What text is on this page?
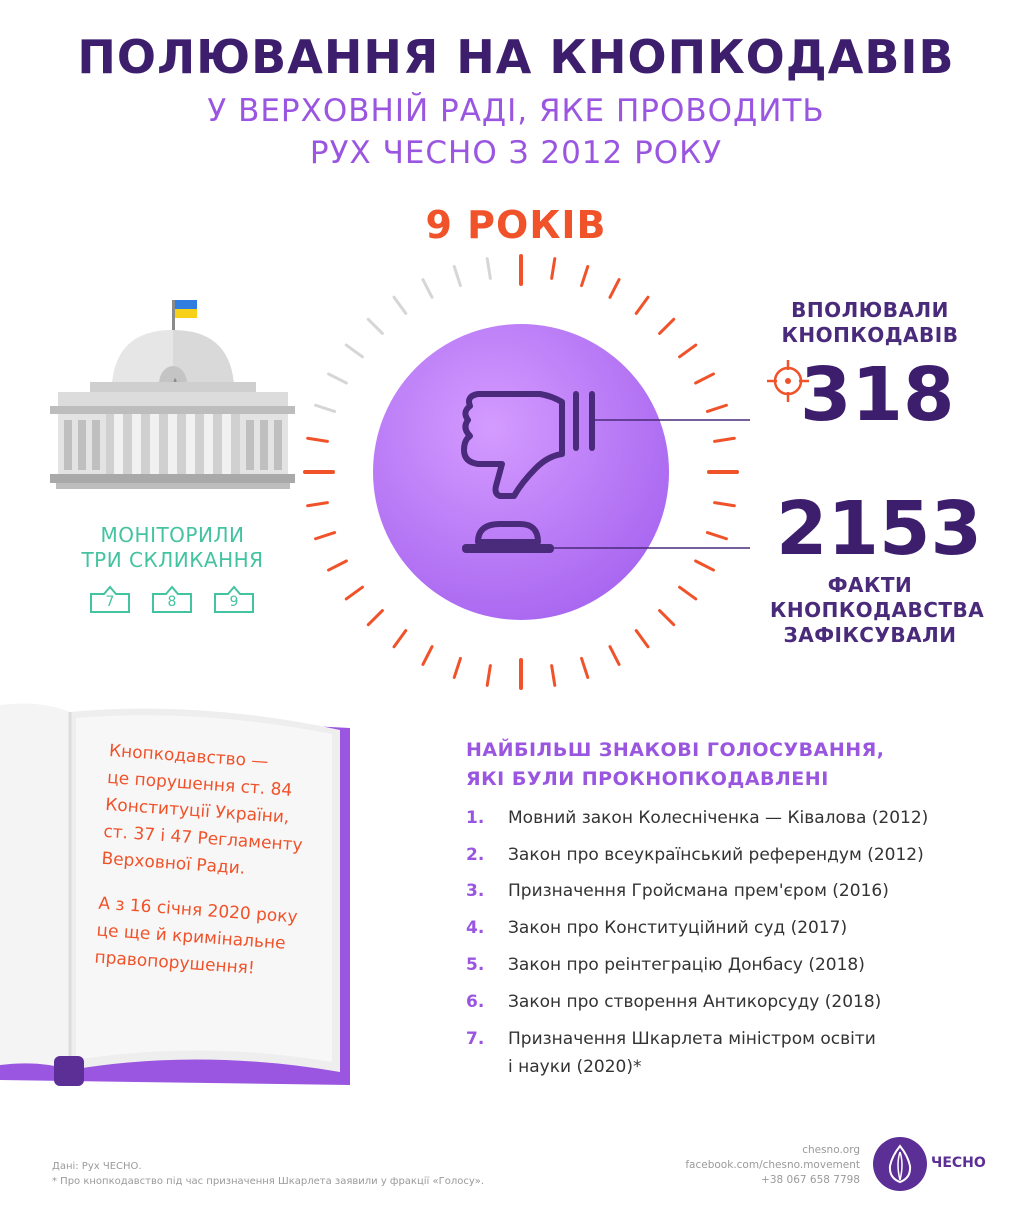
ПОЛЮВАННЯ НА КНОПКОДАВІВ
У ВЕРХОВНІЙ РАДІ, ЯКЕ ПРОВОДИТЬ
РУХ ЧЕСНО З 2012 РОКУ
9 РОКІВ
МОНІТОРИЛИ
ТРИ СКЛИКАННЯ
7	8	9
ВПОЛЮВАЛИ
КНОПКОДАВІВ
318
2153
ФАКТИ
КНОПКОДАВСТВА
ЗАФІКСУВАЛИ
Кнопкодавство —
це порушення ст. 84
Конституції України,
ст. 37 і 47 Регламенту
Верховної Ради.
А з 16 січня 2020 року
це ще й кримінальне
правопорушення!
НАЙБІЛЬШ ЗНАКОВІ ГОЛОСУВАННЯ,
ЯКІ БУЛИ ПРОКНОПКОДАВЛЕНІ
1. Мовний закон Колесніченка — Ківалова (2012)
2. Закон про всеукраїнський референдум (2012)
3. Призначення Гройсмана прем'єром (2016)
4. Закон про Конституційний суд (2017)
5. Закон про реінтеграцію Донбасу (2018)
6. Закон про створення Антикорсуду (2018)
7. Призначення Шкарлета міністром освіти
і науки (2020)*
Дані: Рух ЧЕСНО.
* Про кнопкодавство під час призначення Шкарлета заявили у фракції «Голосу».
chesno.org
facebook.com/chesno.movement
+38 067 658 7798
ЧЕСНО
